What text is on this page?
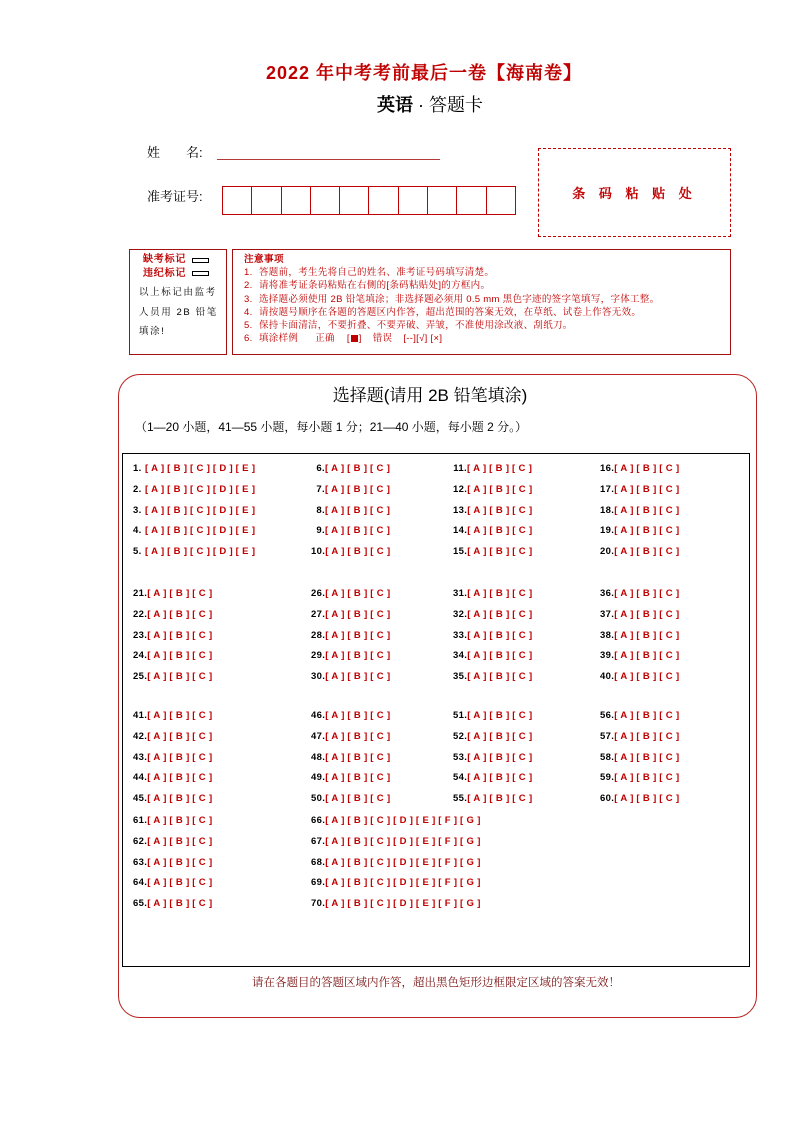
2022 年中考考前最后一卷【海南卷】
英语 · 答题卡
姓　　名:
准考证号:	条 码 粘 贴 处
缺考标记
违纪标记
以上标记由监考
人员用 2B 铅笔
填涂!
注意事项
1. 答题前，考生先将自己的姓名、准考证号码填写清楚。
2. 请将准考证条码粘贴在右侧的[条码粘贴处]的方框内。
3. 选择题必须使用 2B 铅笔填涂；非选择题必须用 0.5 mm 黑色字迹的签字笔填写，字体工整。
4. 请按题号顺序在各题的答题区内作答，超出范围的答案无效，在草纸、试卷上作答无效。
5. 保持卡面清洁，不要折叠、不要弄破、弄皱，不准使用涂改液、刮纸刀。
6. 填涂样例 正确 [ ] 错误 [--][√] [×]
选择题(请用 2B 铅笔填涂)
（1—20 小题，41—55 小题，每小题 1 分；21—40 小题，每小题 2 分。）
请在各题目的答题区域内作答，超出黑色矩形边框限定区域的答案无效！
1. [ A ] [ B ] [ C ] [ D ] [ E ]
2. [ A ] [ B ] [ C ] [ D ] [ E ]
3. [ A ] [ B ] [ C ] [ D ] [ E ]
4. [ A ] [ B ] [ C ] [ D ] [ E ]
5. [ A ] [ B ] [ C ] [ D ] [ E ]
6.[ A ] [ B ] [ C ]
7.[ A ] [ B ] [ C ]
8.[ A ] [ B ] [ C ]
9.[ A ] [ B ] [ C ]
10.[ A ] [ B ] [ C ]
11.[ A ] [ B ] [ C ]
12.[ A ] [ B ] [ C ]
13.[ A ] [ B ] [ C ]
14.[ A ] [ B ] [ C ]
15.[ A ] [ B ] [ C ]
16.[ A ] [ B ] [ C ]
17.[ A ] [ B ] [ C ]
18.[ A ] [ B ] [ C ]
19.[ A ] [ B ] [ C ]
20.[ A ] [ B ] [ C ]
21.[ A ] [ B ] [ C ]
22.[ A ] [ B ] [ C ]
23.[ A ] [ B ] [ C ]
24.[ A ] [ B ] [ C ]
25.[ A ] [ B ] [ C ]
26.[ A ] [ B ] [ C ]
27.[ A ] [ B ] [ C ]
28.[ A ] [ B ] [ C ]
29.[ A ] [ B ] [ C ]
30.[ A ] [ B ] [ C ]
31.[ A ] [ B ] [ C ]
32.[ A ] [ B ] [ C ]
33.[ A ] [ B ] [ C ]
34.[ A ] [ B ] [ C ]
35.[ A ] [ B ] [ C ]
36.[ A ] [ B ] [ C ]
37.[ A ] [ B ] [ C ]
38.[ A ] [ B ] [ C ]
39.[ A ] [ B ] [ C ]
40.[ A ] [ B ] [ C ]
41.[ A ] [ B ] [ C ]
42.[ A ] [ B ] [ C ]
43.[ A ] [ B ] [ C ]
44.[ A ] [ B ] [ C ]
45.[ A ] [ B ] [ C ]
46.[ A ] [ B ] [ C ]
47.[ A ] [ B ] [ C ]
48.[ A ] [ B ] [ C ]
49.[ A ] [ B ] [ C ]
50.[ A ] [ B ] [ C ]
51.[ A ] [ B ] [ C ]
52.[ A ] [ B ] [ C ]
53.[ A ] [ B ] [ C ]
54.[ A ] [ B ] [ C ]
55.[ A ] [ B ] [ C ]
56.[ A ] [ B ] [ C ]
57.[ A ] [ B ] [ C ]
58.[ A ] [ B ] [ C ]
59.[ A ] [ B ] [ C ]
60.[ A ] [ B ] [ C ]
61.[ A ] [ B ] [ C ]
62.[ A ] [ B ] [ C ]
63.[ A ] [ B ] [ C ]
64.[ A ] [ B ] [ C ]
65.[ A ] [ B ] [ C ]
66.[ A ] [ B ] [ C ] [ D ] [ E ] [ F ] [ G ]
67.[ A ] [ B ] [ C ] [ D ] [ E ] [ F ] [ G ]
68.[ A ] [ B ] [ C ] [ D ] [ E ] [ F ] [ G ]
69.[ A ] [ B ] [ C ] [ D ] [ E ] [ F ] [ G ]
70.[ A ] [ B ] [ C ] [ D ] [ E ] [ F ] [ G ]
